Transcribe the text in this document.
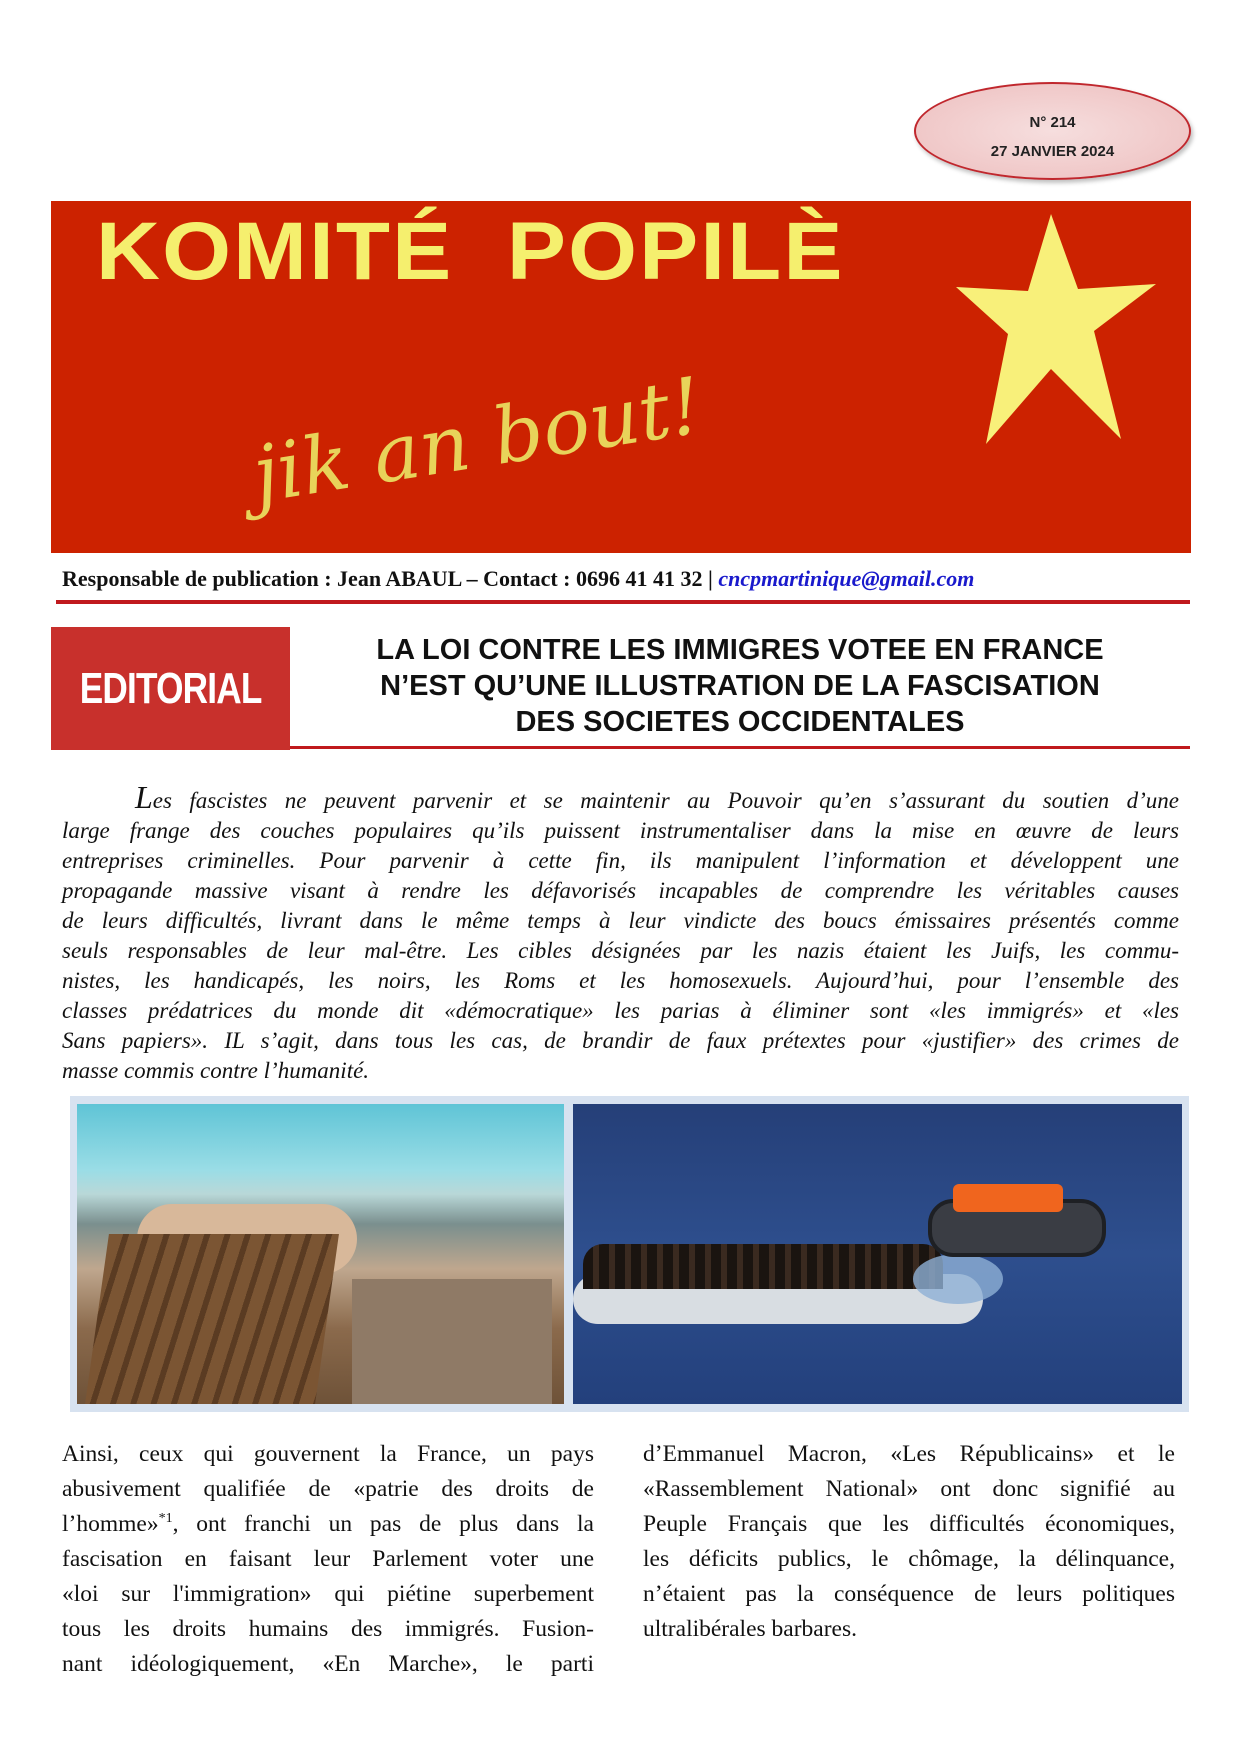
N° 214
27 JANVIER 2024
KOMITÉ  POPILÈ
jik an bout!
Responsable de publication : Jean ABAUL – Contact : 0696 41 41 32 | cncpmartinique@gmail.com
EDITORIAL
LA LOI CONTRE LES IMMIGRES VOTEE EN FRANCE
N’EST QU’UNE ILLUSTRATION DE LA FASCISATION
DES SOCIETES OCCIDENTALES
Les fascistes ne peuvent parvenir et se maintenir au Pouvoir qu’en s’assurant du soutien d’une
large frange des couches populaires qu’ils puissent instrumentaliser dans la mise en œuvre de leurs
entreprises criminelles. Pour parvenir à cette fin, ils manipulent l’information et développent une
propagande massive visant à rendre les défavorisés incapables de comprendre les véritables causes
de leurs difficultés, livrant dans le même temps à leur vindicte des boucs émissaires présentés comme
seuls responsables de leur mal-être. Les cibles désignées par les nazis étaient les Juifs, les commu-
nistes, les handicapés, les noirs, les Roms et les homosexuels. Aujourd’hui, pour l’ensemble des
classes prédatrices du monde dit «démocratique» les parias à éliminer sont «les immigrés» et «les
Sans papiers». IL s’agit, dans tous les cas, de brandir de faux prétextes pour «justifier» des crimes de
masse commis contre l’humanité.
Ainsi, ceux qui gouvernent la France, un pays
abusivement qualifiée de «patrie des droits de
l’homme»$^{*1}$, ont franchi un pas de plus dans la
fascisation en faisant leur Parlement voter une
«loi sur l'immigration» qui piétine superbement
tous les droits humains des immigrés. Fusion-
nant idéologiquement, «En Marche», le parti
d’Emmanuel Macron, «Les Républicains» et le
«Rassemblement National» ont donc signifié au
Peuple Français que les difficultés économiques,
les déficits publics, le chômage, la délinquance,
n’étaient pas la conséquence de leurs politiques
ultralibérales barbares.
